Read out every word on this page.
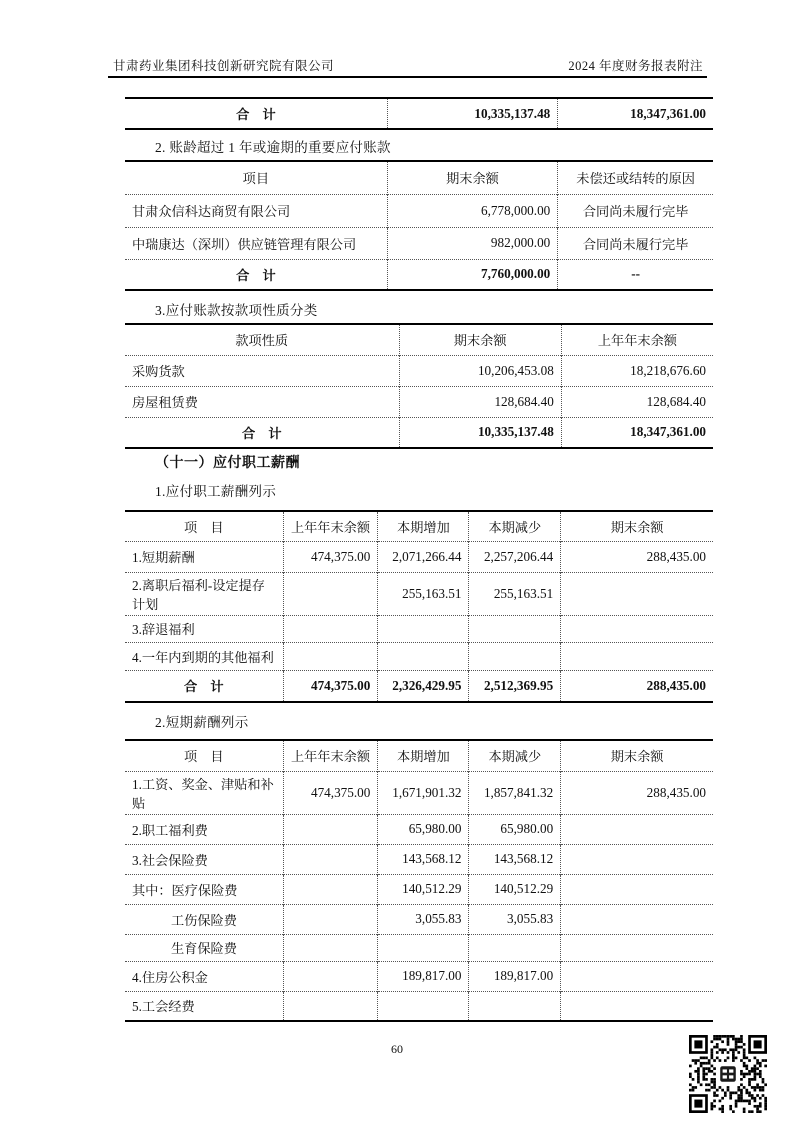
甘肃药业集团科技创新研究院有限公司	2024 年度财务报表附注
合　计	10,335,137.48	18,347,361.00
2. 账龄超过 1 年或逾期的重要应付账款
项目	期末余额	未偿还或结转的原因
甘肃众信科达商贸有限公司	6,778,000.00	合同尚未履行完毕
中瑞康达（深圳）供应链管理有限公司	982,000.00	合同尚未履行完毕
合　计	7,760,000.00	--
3.应付账款按款项性质分类
款项性质	期末余额	上年年末余额
采购货款	10,206,453.08	18,218,676.60
房屋租赁费	128,684.40	128,684.40
合　计	10,335,137.48	18,347,361.00
（十一）应付职工薪酬
1.应付职工薪酬列示
项　目	上年年末余额	本期增加	本期减少	期末余额
1.短期薪酬	474,375.00	2,071,266.44	2,257,206.44	288,435.00
2.离职后福利-设定提存计划		255,163.51	255,163.51	
3.辞退福利				
4.一年内到期的其他福利				
合　计	474,375.00	2,326,429.95	2,512,369.95	288,435.00
2.短期薪酬列示
项　目	上年年末余额	本期增加	本期减少	期末余额
1.工资、奖金、津贴和补贴	474,375.00	1,671,901.32	1,857,841.32	288,435.00
2.职工福利费		65,980.00	65,980.00	
3.社会保险费		143,568.12	143,568.12	
其中：医疗保险费		140,512.29	140,512.29	
工伤保险费		3,055.83	3,055.83	
生育保险费				
4.住房公积金		189,817.00	189,817.00	
5.工会经费				
60
